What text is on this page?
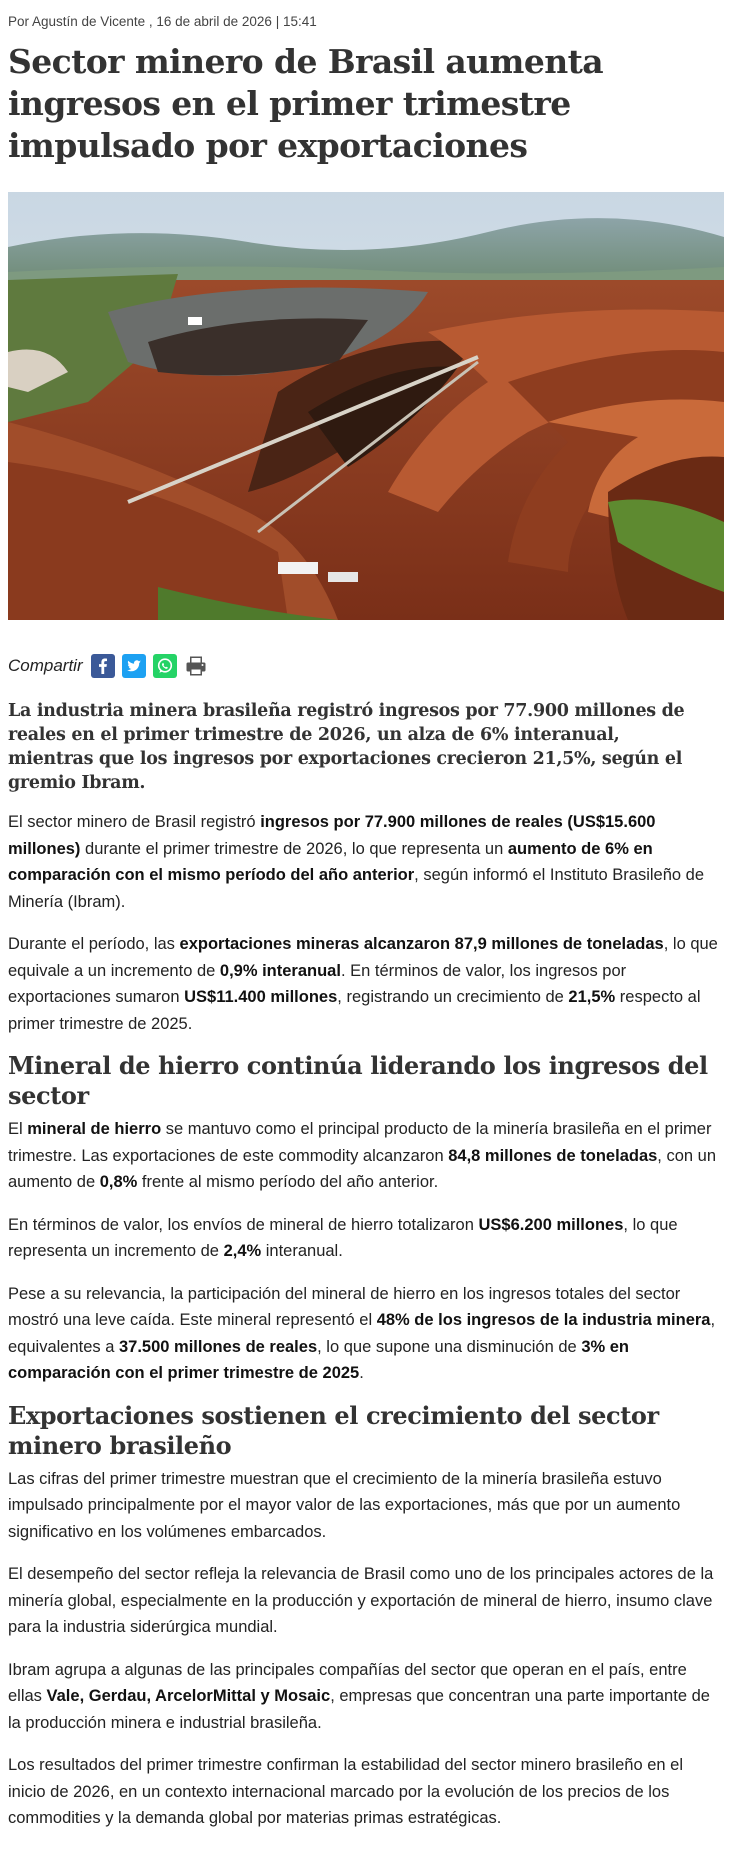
Por Agustín de Vicente , 16 de abril de 2026 | 15:41
Sector minero de Brasil aumenta ingresos en el primer trimestre impulsado por exportaciones
Compartir

La industria minera brasileña registró ingresos por 77.900 millones de reales en el primer trimestre de 2026, un alza de 6% interanual, mientras que los ingresos por exportaciones crecieron 21,5%, según el gremio Ibram.

El sector minero de Brasil registró ingresos por 77.900 millones de reales (US$15.600 millones) durante el primer trimestre de 2026, lo que representa un aumento de 6% en comparación con el mismo período del año anterior, según informó el Instituto Brasileño de Minería (Ibram).

Durante el período, las exportaciones mineras alcanzaron 87,9 millones de toneladas, lo que equivale a un incremento de 0,9% interanual. En términos de valor, los ingresos por exportaciones sumaron US$11.400 millones, registrando un crecimiento de 21,5% respecto al primer trimestre de 2025.

Mineral de hierro continúa liderando los ingresos del sector

El mineral de hierro se mantuvo como el principal producto de la minería brasileña en el primer trimestre. Las exportaciones de este commodity alcanzaron 84,8 millones de toneladas, con un aumento de 0,8% frente al mismo período del año anterior.

En términos de valor, los envíos de mineral de hierro totalizaron US$6.200 millones, lo que representa un incremento de 2,4% interanual.

Pese a su relevancia, la participación del mineral de hierro en los ingresos totales del sector mostró una leve caída. Este mineral representó el 48% de los ingresos de la industria minera, equivalentes a 37.500 millones de reales, lo que supone una disminución de 3% en comparación con el primer trimestre de 2025.

Exportaciones sostienen el crecimiento del sector minero brasileño

Las cifras del primer trimestre muestran que el crecimiento de la minería brasileña estuvo impulsado principalmente por el mayor valor de las exportaciones, más que por un aumento significativo en los volúmenes embarcados.

El desempeño del sector refleja la relevancia de Brasil como uno de los principales actores de la minería global, especialmente en la producción y exportación de mineral de hierro, insumo clave para la industria siderúrgica mundial.

Ibram agrupa a algunas de las principales compañías del sector que operan en el país, entre ellas Vale, Gerdau, ArcelorMittal y Mosaic, empresas que concentran una parte importante de la producción minera e industrial brasileña.

Los resultados del primer trimestre confirman la estabilidad del sector minero brasileño en el inicio de 2026, en un contexto internacional marcado por la evolución de los precios de los commodities y la demanda global por materias primas estratégicas.
